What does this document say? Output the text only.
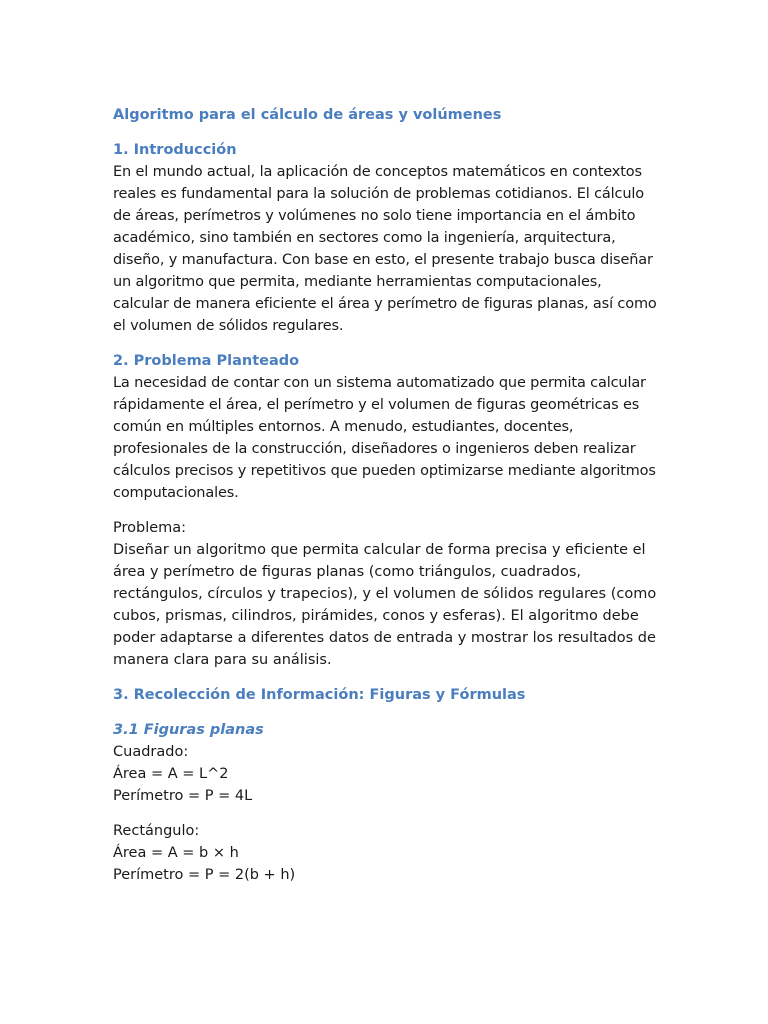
Algoritmo para el cálculo de áreas y volúmenes
1. Introducción

En el mundo actual, la aplicación de conceptos matemáticos en contextos reales es fundamental para la solución de problemas cotidianos. El cálculo de áreas, perímetros y volúmenes no solo tiene importancia en el ámbito académico, sino también en sectores como la ingeniería, arquitectura, diseño, y manufactura. Con base en esto, el presente trabajo busca diseñar un algoritmo que permita, mediante herramientas computacionales, calcular de manera eficiente el área y perímetro de figuras planas, así como el volumen de sólidos regulares.

2. Problema Planteado

La necesidad de contar con un sistema automatizado que permita calcular rápidamente el área, el perímetro y el volumen de figuras geométricas es común en múltiples entornos. A menudo, estudiantes, docentes, profesionales de la construcción, diseñadores o ingenieros deben realizar cálculos precisos y repetitivos que pueden optimizarse mediante algoritmos computacionales.

Problema:

Diseñar un algoritmo que permita calcular de forma precisa y eficiente el área y perímetro de figuras planas (como triángulos, cuadrados, rectángulos, círculos y trapecios), y el volumen de sólidos regulares (como cubos, prismas, cilindros, pirámides, conos y esferas). El algoritmo debe poder adaptarse a diferentes datos de entrada y mostrar los resultados de manera clara para su análisis.

3. Recolección de Información: Figuras y Fórmulas
3.1 Figuras planas

Cuadrado:

Área = A = L^2

Perímetro = P = 4L

Rectángulo:

Área = A = b × h

Perímetro = P = 2(b + h)
